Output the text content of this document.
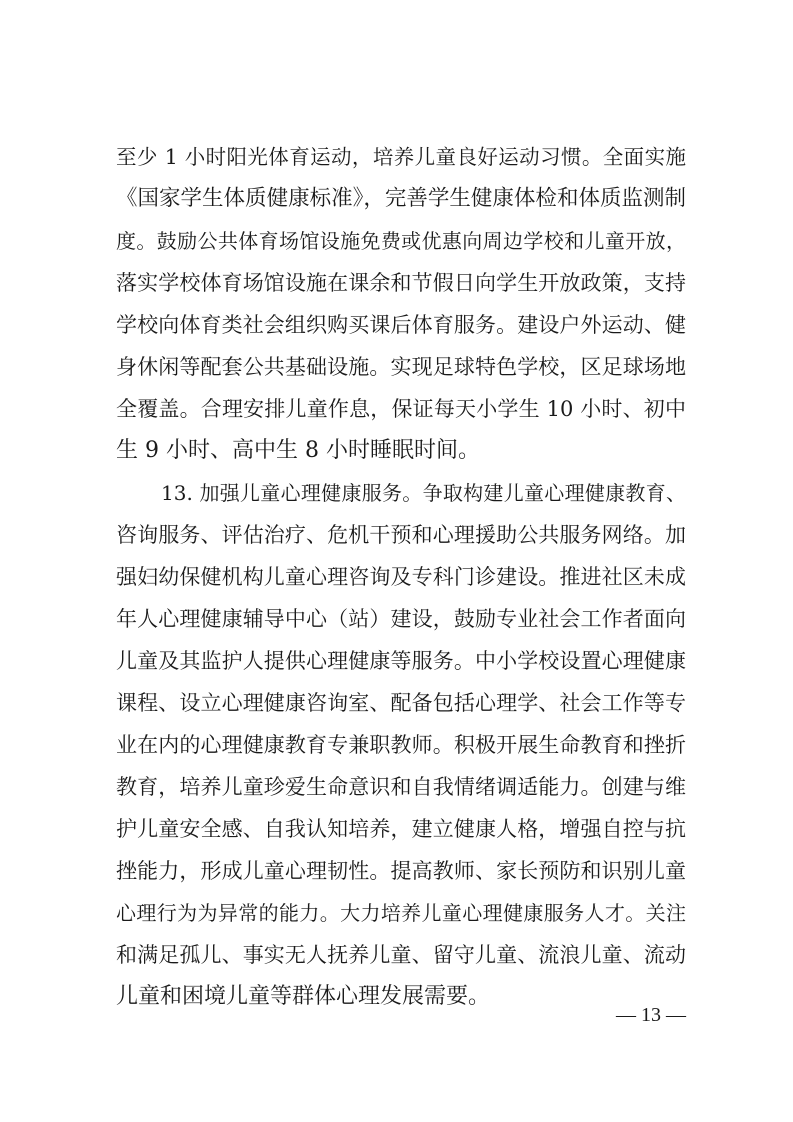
至少 1 小时阳光体育运动，培养儿童良好运动习惯。全面实施
《国家学生体质健康标准》，完善学生健康体检和体质监测制
度。鼓励公共体育场馆设施免费或优惠向周边学校和儿童开放，
落实学校体育场馆设施在课余和节假日向学生开放政策，支持
学校向体育类社会组织购买课后体育服务。建设户外运动、健
身休闲等配套公共基础设施。实现足球特色学校，区足球场地
全覆盖。合理安排儿童作息，保证每天小学生 10 小时、初中
生 9 小时、高中生 8 小时睡眠时间。
13. 加强儿童心理健康服务。争取构建儿童心理健康教育、
咨询服务、评估治疗、危机干预和心理援助公共服务网络。加
强妇幼保健机构儿童心理咨询及专科门诊建设。推进社区未成
年人心理健康辅导中心（站）建设，鼓励专业社会工作者面向
儿童及其监护人提供心理健康等服务。中小学校设置心理健康
课程、设立心理健康咨询室、配备包括心理学、社会工作等专
业在内的心理健康教育专兼职教师。积极开展生命教育和挫折
教育，培养儿童珍爱生命意识和自我情绪调适能力。创建与维
护儿童安全感、自我认知培养，建立健康人格，增强自控与抗
挫能力，形成儿童心理韧性。提高教师、家长预防和识别儿童
心理行为为异常的能力。大力培养儿童心理健康服务人才。关注
和满足孤儿、事实无人抚养儿童、留守儿童、流浪儿童、流动
儿童和困境儿童等群体心理发展需要。
— 13 —
